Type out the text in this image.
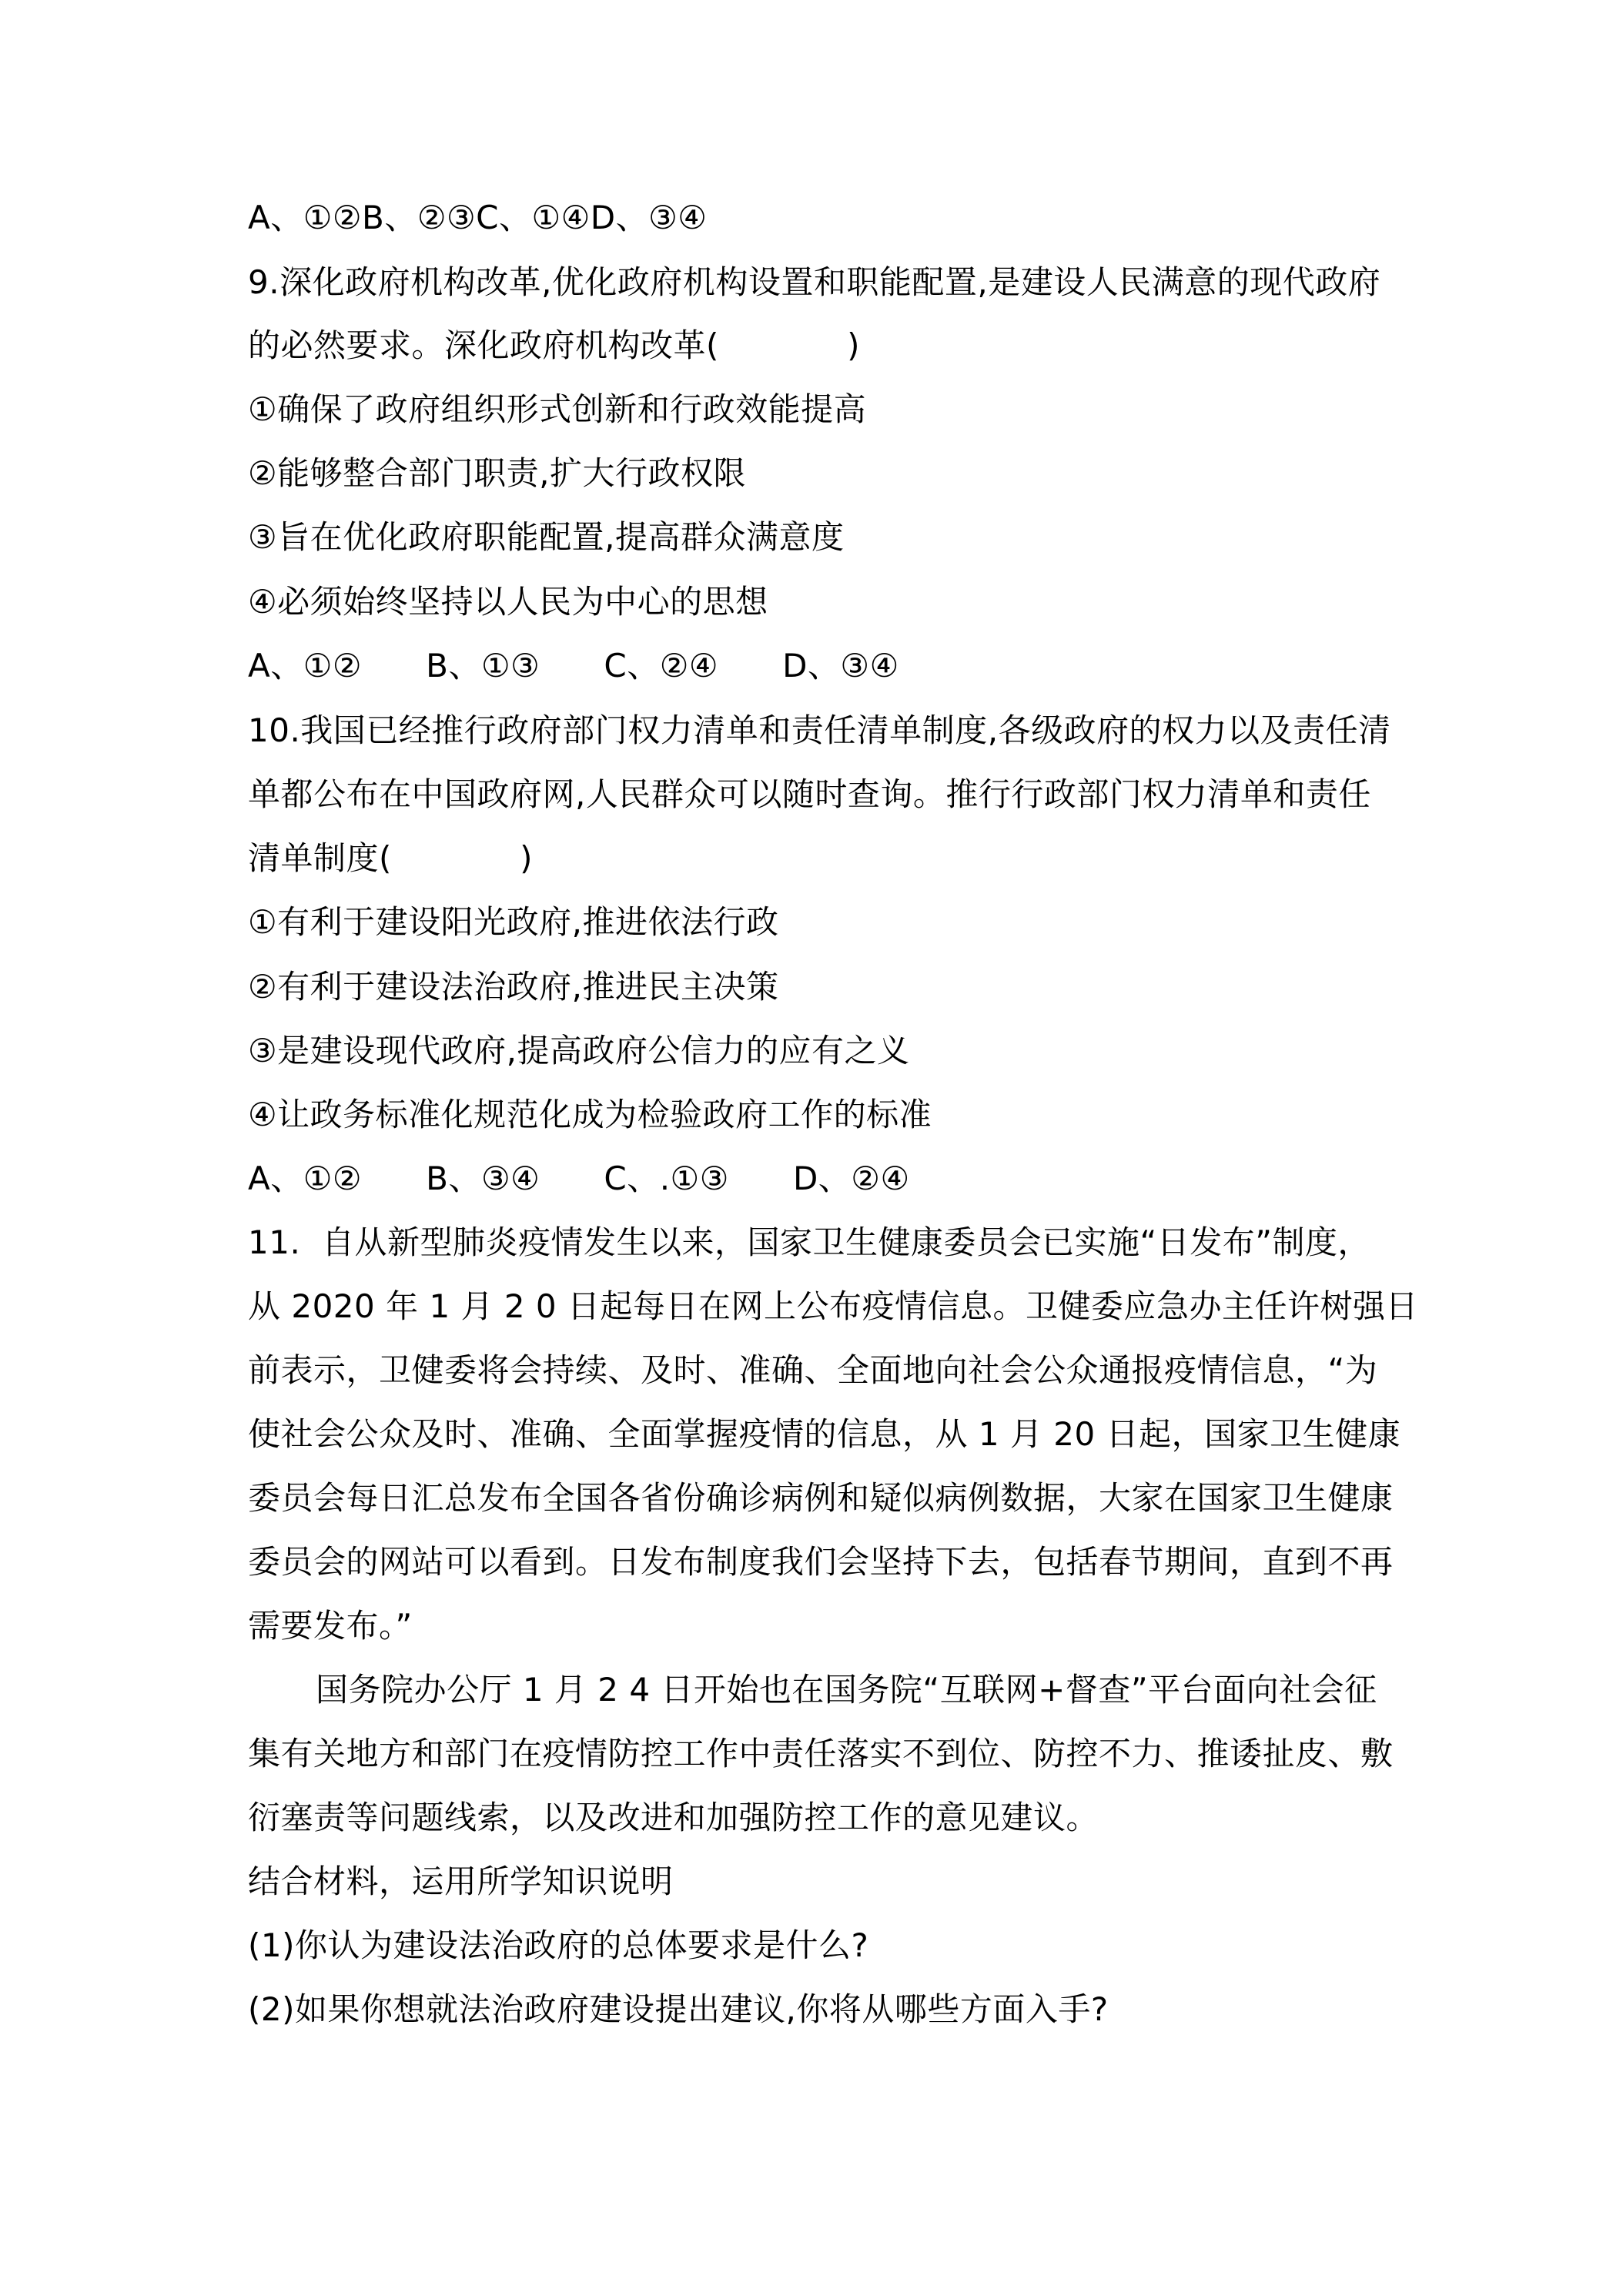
A、①②B、②③C、①④D、③④
9.深化政府机构改革,优化政府机构设置和职能配置,是建设人民满意的现代政府
的必然要求。深化政府机构改革(            )
①确保了政府组织形式创新和行政效能提高
②能够整合部门职责,扩大行政权限
③旨在优化政府职能配置,提高群众满意度
④必须始终坚持以人民为中心的思想
A、①②      B、①③      C、②④      D、③④
10.我国已经推行政府部门权力清单和责任清单制度,各级政府的权力以及责任清
单都公布在中国政府网,人民群众可以随时查询。推行行政部门权力清单和责任
清单制度(            )
①有利于建设阳光政府,推进依法行政
②有利于建设法治政府,推进民主决策
③是建设现代政府,提高政府公信力的应有之义
④让政务标准化规范化成为检验政府工作的标准
A、①②      B、③④      C、.①③      D、②④
11.  自从新型肺炎疫情发生以来，国家卫生健康委员会已实施“日发布”制度，
从 2020 年 1 月 2 0 日起每日在网上公布疫情信息。卫健委应急办主任许树强日
前表示，卫健委将会持续、及时、准确、全面地向社会公众通报疫情信息，“为
使社会公众及时、准确、全面掌握疫情的信息，从 1 月 20 日起，国家卫生健康
委员会每日汇总发布全国各省份确诊病例和疑似病例数据，大家在国家卫生健康
委员会的网站可以看到。日发布制度我们会坚持下去，包括春节期间，直到不再
需要发布。”
国务院办公厅 1 月 2 4 日开始也在国务院“互联网+督查”平台面向社会征
集有关地方和部门在疫情防控工作中责任落实不到位、防控不力、推诿扯皮、敷
衍塞责等问题线索，以及改进和加强防控工作的意见建议。
结合材料，运用所学知识说明
(1)你认为建设法治政府的总体要求是什么?
(2)如果你想就法治政府建设提出建议,你将从哪些方面入手?
